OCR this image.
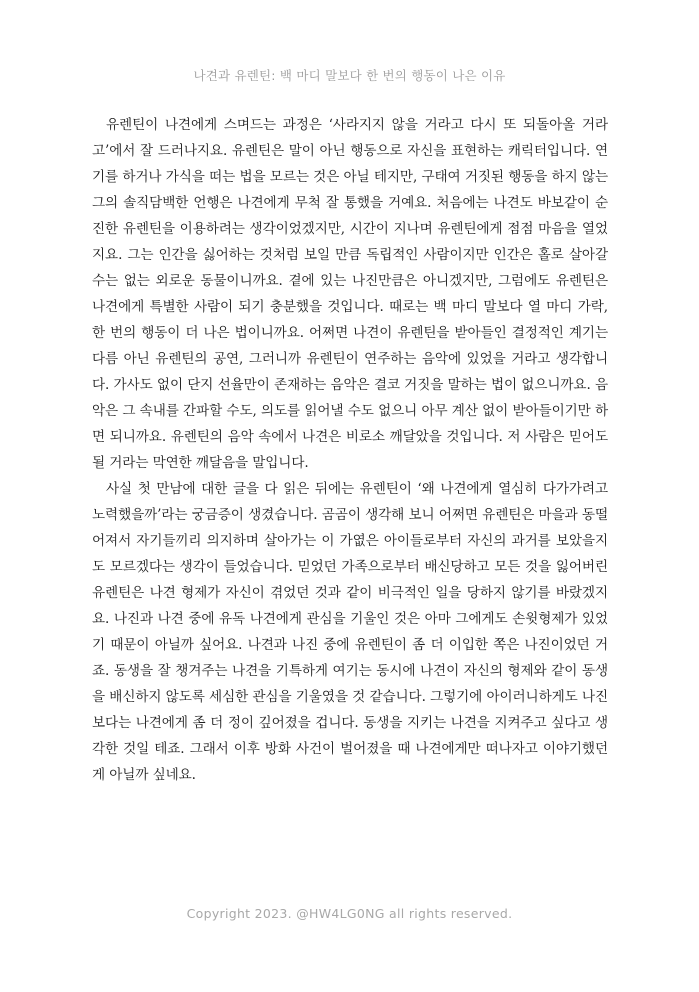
나견과 유렌틴: 백 마디 말보다 한 번의 행동이 나은 이유

유렌틴이 나견에게 스며드는 과정은 ‘사라지지 않을 거라고 다시 또 되돌아올 거라고’에서 잘 드러나지요. 유렌틴은 말이 아닌 행동으로 자신을 표현하는 캐릭터입니다. 연기를 하거나 가식을 떠는 법을 모르는 것은 아닐 테지만, 구태여 거짓된 행동을 하지 않는 그의 솔직담백한 언행은 나견에게 무척 잘 통했을 거예요. 처음에는 나견도 바보같이 순진한 유렌틴을 이용하려는 생각이었겠지만, 시간이 지나며 유렌틴에게 점점 마음을 열었지요. 그는 인간을 싫어하는 것처럼 보일 만큼 독립적인 사람이지만 인간은 홀로 살아갈 수는 없는 외로운 동물이니까요. 곁에 있는 나진만큼은 아니겠지만, 그럼에도 유렌틴은 나견에게 특별한 사람이 되기 충분했을 것입니다. 때로는 백 마디 말보다 열 마디 가락, 한 번의 행동이 더 나은 법이니까요. 어쩌면 나견이 유렌틴을 받아들인 결정적인 계기는 다름 아닌 유렌틴의 공연, 그러니까 유렌틴이 연주하는 음악에 있었을 거라고 생각합니다. 가사도 없이 단지 선율만이 존재하는 음악은 결코 거짓을 말하는 법이 없으니까요. 음악은 그 속내를 간파할 수도, 의도를 읽어낼 수도 없으니 아무 계산 없이 받아들이기만 하면 되니까요. 유렌틴의 음악 속에서 나견은 비로소 깨달았을 것입니다. 저 사람은 믿어도 될 거라는 막연한 깨달음을 말입니다.

사실 첫 만남에 대한 글을 다 읽은 뒤에는 유렌틴이 ‘왜 나견에게 열심히 다가가려고 노력했을까’라는 궁금증이 생겼습니다. 곰곰이 생각해 보니 어쩌면 유렌틴은 마을과 동떨어져서 자기들끼리 의지하며 살아가는 이 가엾은 아이들로부터 자신의 과거를 보았을지도 모르겠다는 생각이 들었습니다. 믿었던 가족으로부터 배신당하고 모든 것을 잃어버린 유렌틴은 나견 형제가 자신이 겪었던 것과 같이 비극적인 일을 당하지 않기를 바랐겠지요. 나진과 나견 중에 유독 나견에게 관심을 기울인 것은 아마 그에게도 손윗형제가 있었기 때문이 아닐까 싶어요. 나견과 나진 중에 유렌틴이 좀 더 이입한 쪽은 나진이었던 거죠. 동생을 잘 챙겨주는 나견을 기특하게 여기는 동시에 나견이 자신의 형제와 같이 동생을 배신하지 않도록 세심한 관심을 기울였을 것 같습니다. 그렇기에 아이러니하게도 나진보다는 나견에게 좀 더 정이 깊어졌을 겁니다. 동생을 지키는 나견을 지켜주고 싶다고 생각한 것일 테죠. 그래서 이후 방화 사건이 벌어졌을 때 나견에게만 떠나자고 이야기했던 게 아닐까 싶네요.

Copyright 2023. @HW4LG0NG all rights reserved.
